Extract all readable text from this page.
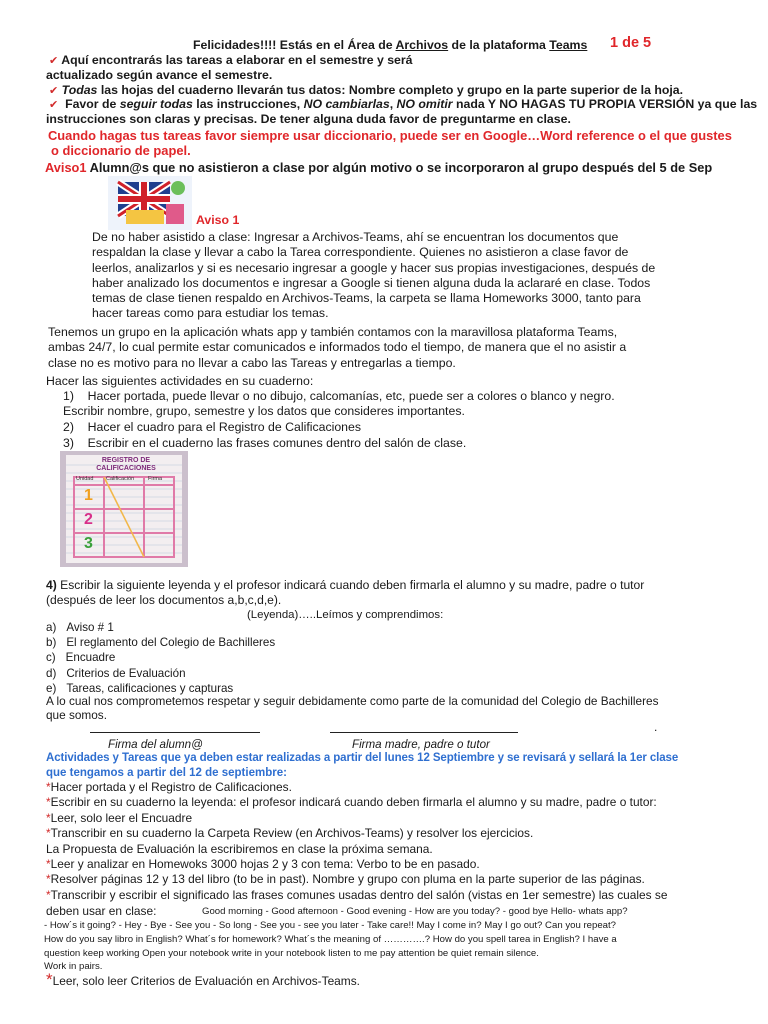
Felicidades!!!! Estás en el Área de Archivos de la plataforma Teams 1 de 5
✔ Aquí encontrarás las tareas a elaborar en el semestre y será
actualizado según avance el semestre.
✔ Todas las hojas del cuaderno llevarán tus datos: Nombre completo y grupo en la parte superior de la hoja.
✔ Favor de seguir todas las instrucciones, NO cambiarlas, NO omitir nada Y NO HAGAS TU PROPIA VERSIÓN ya que las
instrucciones son claras y precisas. De tener alguna duda favor de preguntarme en clase.
Cuando hagas tus tareas favor siempre usar diccionario, puede ser en Google…Word reference o el que gustes
o diccionario de papel.
Aviso1 Alumn@s que no asistieron a clase por algún motivo o se incorporaron al grupo después del 5 de Sep
Aviso 1
De no haber asistido a clase: Ingresar a Archivos-Teams, ahí se encuentran los documentos que
respaldan la clase y llevar a cabo la Tarea correspondiente. Quienes no asistieron a clase favor de
leerlos, analizarlos y si es necesario ingresar a google y hacer sus propias investigaciones, después de
haber analizado los documentos e ingresar a Google si tienen alguna duda la aclararé en clase. Todos
temas de clase tienen respaldo en Archivos-Teams, la carpeta se llama Homeworks 3000, tanto para
hacer tareas como para estudiar los temas.
Tenemos un grupo en la aplicación whats app y también contamos con la maravillosa plataforma Teams,
ambas 24/7, lo cual permite estar comunicados e informados todo el tiempo, de manera que el no asistir a
clase no es motivo para no llevar a cabo las Tareas y entregarlas a tiempo.
Hacer las siguientes actividades en su cuaderno:
1) Hacer portada, puede llevar o no dibujo, calcomanías, etc, puede ser a colores o blanco y negro.
Escribir nombre, grupo, semestre y los datos que consideres importantes.
2) Hacer el cuadro para el Registro de Calificaciones
3) Escribir en el cuaderno las frases comunes dentro del salón de clase.
REGISTRO DE CALIFICACIONES
Unidad Calificación	Firma
1
2
3
4) Escribir la siguiente leyenda y el profesor indicará cuando deben firmarla el alumno y su madre, padre o tutor
(después de leer los documentos a,b,c,d,e).
(Leyenda)…..Leímos y comprendimos:
a) Aviso # 1
b) El reglamento del Colegio de Bachilleres
c) Encuadre
d) Criterios de Evaluación
e) Tareas, calificaciones y capturas
A lo cual nos comprometemos respetar y seguir debidamente como parte de la comunidad del Colegio de Bachilleres
que somos.
.
Firma del alumn@	Firma madre, padre o tutor
Actividades y Tareas que ya deben estar realizadas a partir del lunes 12 Septiembre y se revisará y sellará la 1er clase
que tengamos a partir del 12 de septiembre:
*Hacer portada y el Registro de Calificaciones.
*Escribir en su cuaderno la leyenda: el profesor indicará cuando deben firmarla el alumno y su madre, padre o tutor:
*Leer, solo leer el Encuadre
*Transcribir en su cuaderno la Carpeta Review (en Archivos-Teams) y resolver los ejercicios.
La Propuesta de Evaluación la escribiremos en clase la próxima semana.
*Leer y analizar en Homewoks 3000 hojas 2 y 3 con tema: Verbo to be en pasado.
*Resolver páginas 12 y 13 del libro (to be in past). Nombre y grupo con pluma en la parte superior de las páginas.
*Transcribir y escribir el significado las frases comunes usadas dentro del salón (vistas en 1er semestre) las cuales se
deben usar en clase:	Good morning - Good afternoon - Good evening - How are you today? - good bye Hello- whats app?
- How´s it going? - Hey - Bye - See you - So long - See you - see you later - Take care!! May I come in? May I go out? Can you repeat?
How do you say libro in English? What´s for homework? What´s the meaning of ………….? How do you spell tarea in English? I have a
question keep working Open your notebook write in your notebook listen to me pay attention be quiet remain silence.
Work in pairs.
*Leer, solo leer Criterios de Evaluación en Archivos-Teams.
